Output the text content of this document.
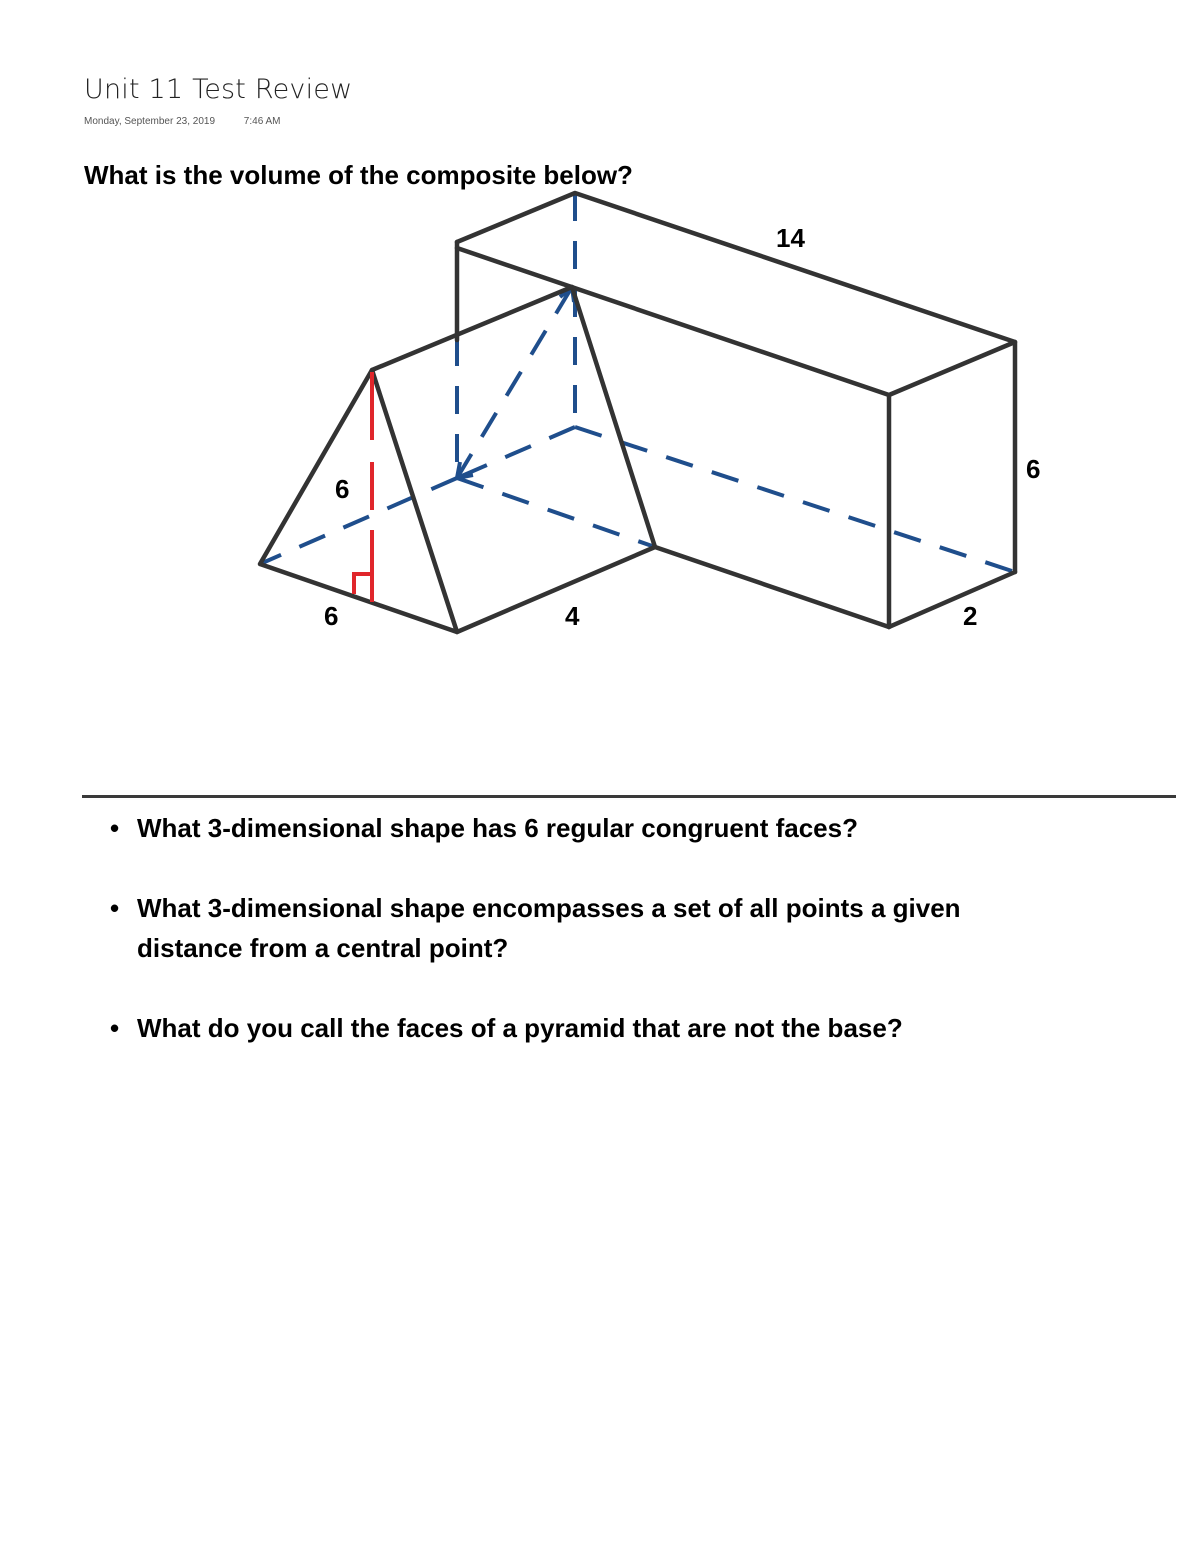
Unit 11 Test Review
Monday, September 23, 2019	7:46 AM
What is the volume of the composite below?
14
6
2
6
6	4
• What 3-dimensional shape has 6 regular congruent faces?
• What 3-dimensional shape encompasses a set of all points a given distance from a central point?
• What do you call the faces of a pyramid that are not the base?
